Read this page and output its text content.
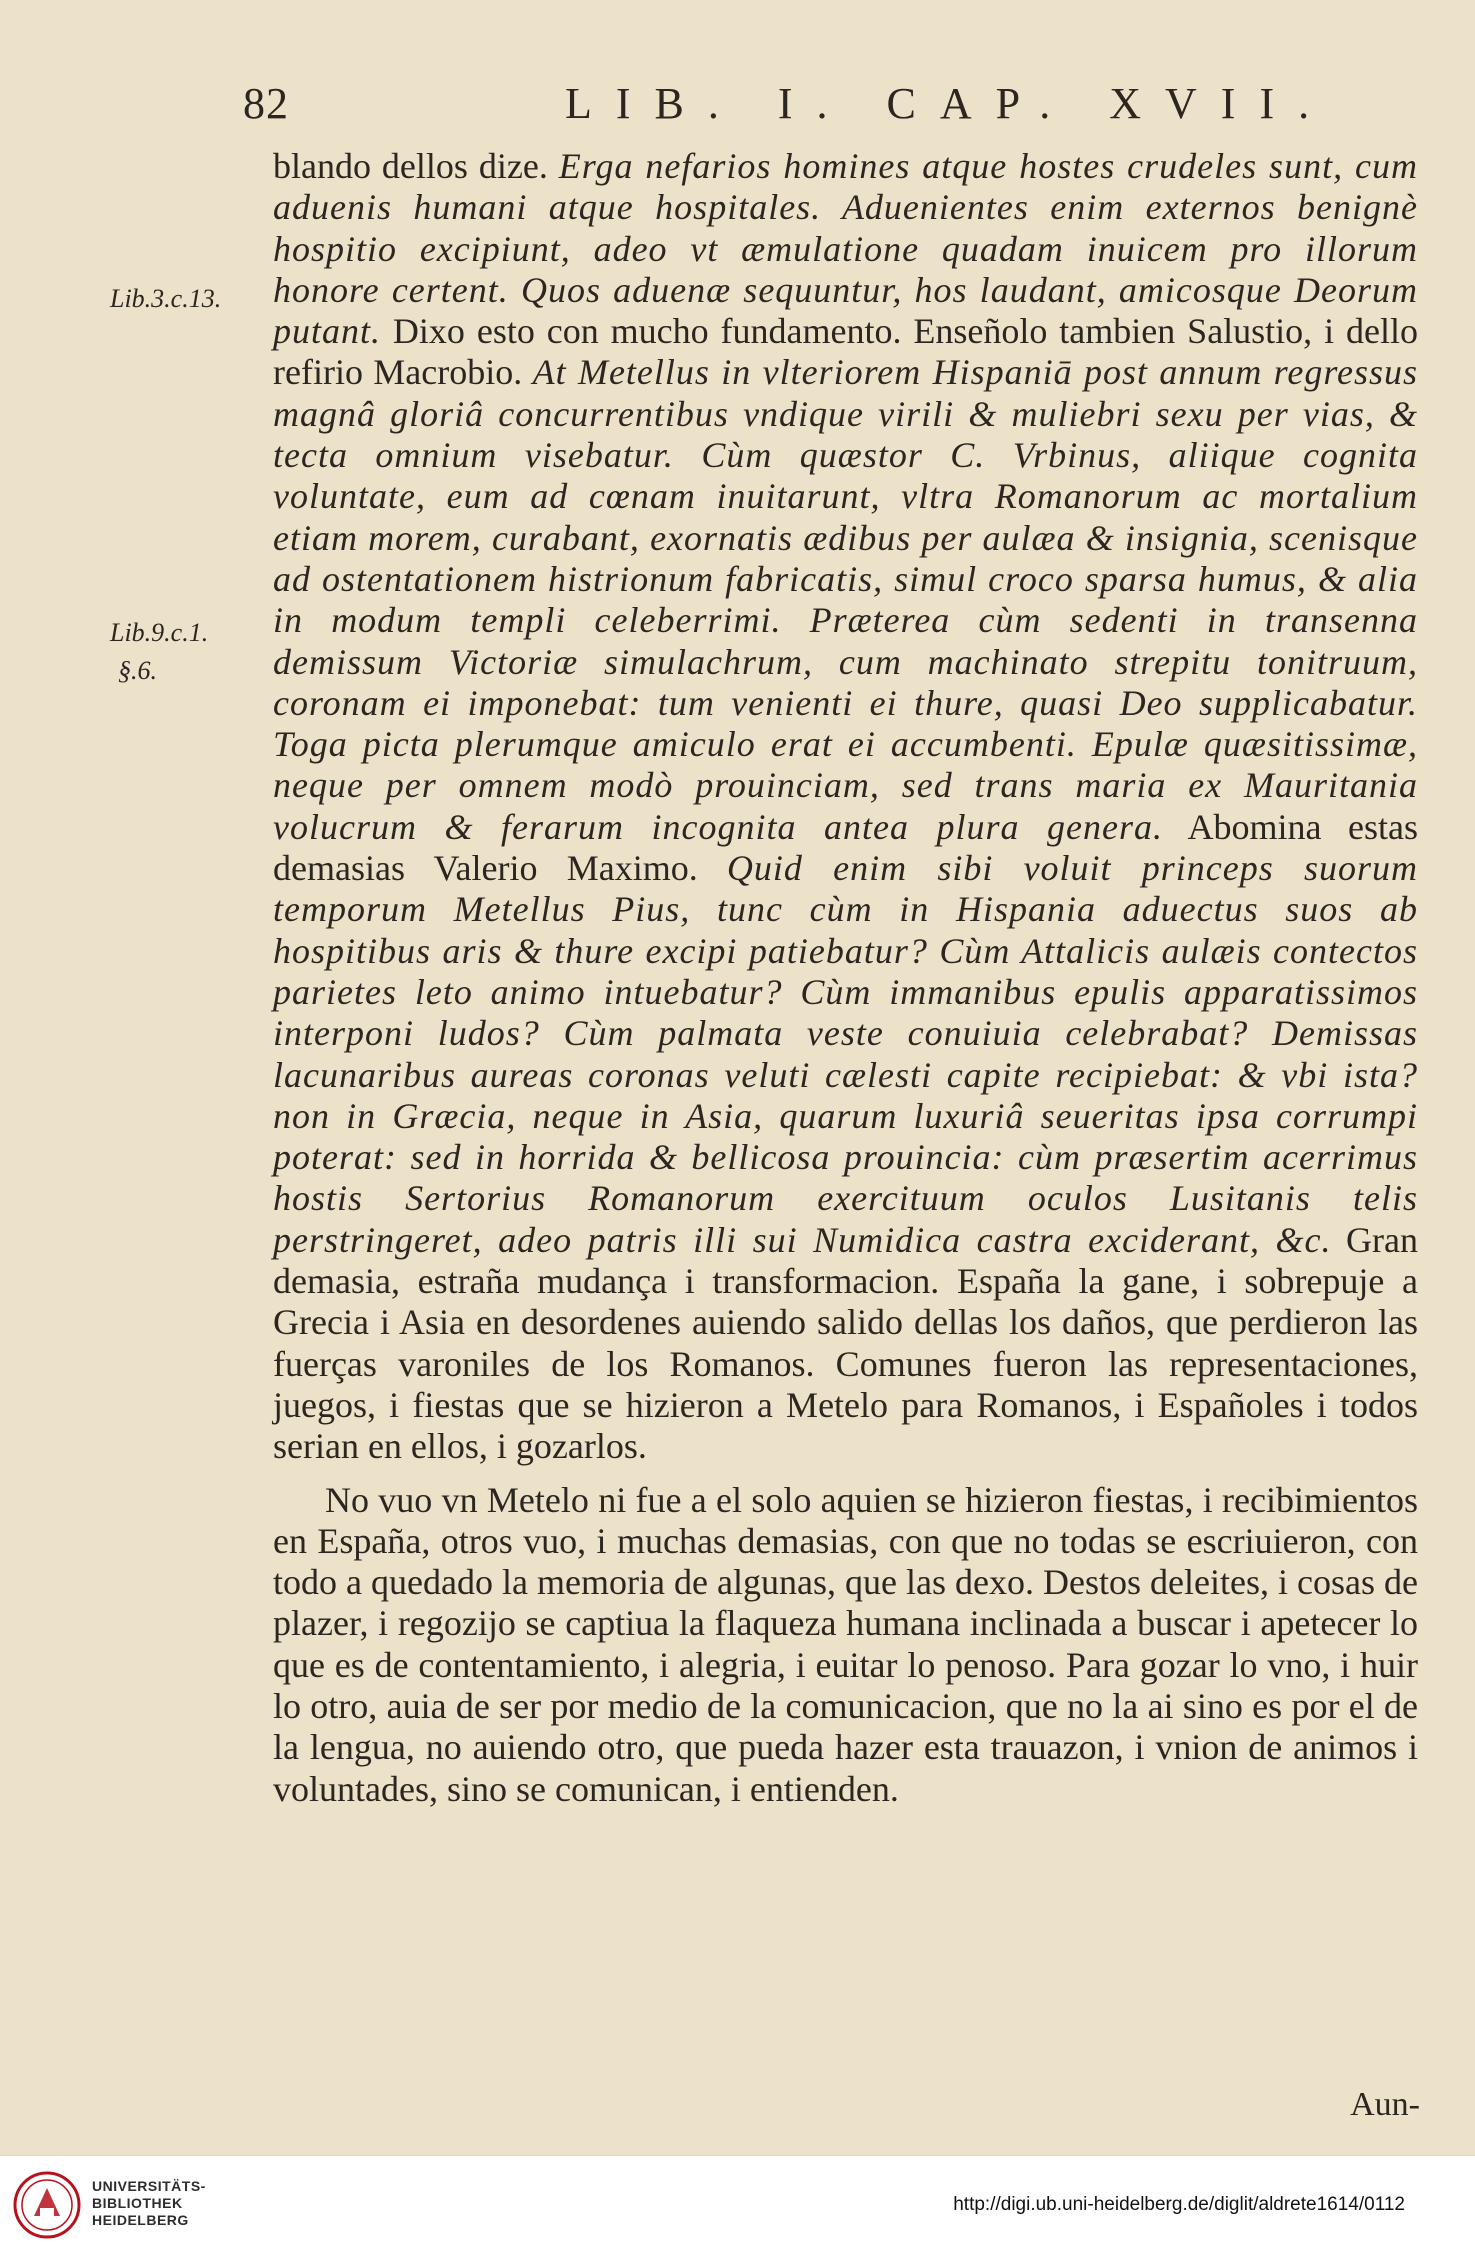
82	LIB. I. CAP. XVII.

blando dellos dize. Erga nefarios homines atque hostes crudeles sunt, cum aduenis humani atque hospitales. Aduenientes enim externos benignè hospitio excipiunt, adeo vt æmulatione quadam inuicem pro illorum honore certent. Quos aduenæ sequuntur, hos laudant, amicosque Deorum putant. Dixo esto con mucho fundamento. Enseñolo tambien Salustio, i dello refirio Macrobio. At Metellus in vlteriorem Hispaniā post annum regressus magnâ gloriâ concurrentibus vndique virili & muliebri sexu per vias, & tecta omnium visebatur. Cùm quæstor C. Vrbinus, aliique cognita voluntate, eum ad cœnam inuitarunt, vltra Romanorum ac mortalium etiam morem, curabant, exornatis ædibus per aulæa & insignia, scenisque ad ostentationem histrionum fabricatis, simul croco sparsa humus, & alia in modum templi celeberrimi. Præterea cùm sedenti in transenna demissum Victoriæ simulachrum, cum machinato strepitu tonitruum, coronam ei imponebat: tum venienti ei thure, quasi Deo supplicabatur. Toga picta plerumque amiculo erat ei accumbenti. Epulæ quæsitissimæ, neque per omnem modò prouinciam, sed trans maria ex Mauritania volucrum & ferarum incognita antea plura genera. Abomina estas demasias Valerio Maximo. Quid enim sibi voluit princeps suorum temporum Metellus Pius, tunc cùm in Hispania aduectus suos ab hospitibus aris & thure excipi patiebatur? Cùm Attalicis aulæis contectos parietes leto animo intuebatur? Cùm immanibus epulis apparatissimos interponi ludos? Cùm palmata veste conuiuia celebrabat? Demissas lacunaribus aureas coronas veluti cælesti capite recipiebat: & vbi ista? non in Græcia, neque in Asia, quarum luxuriâ seueritas ipsa corrumpi poterat: sed in horrida & bellicosa prouincia: cùm præsertim acerrimus hostis Sertorius Romanorum exercituum oculos Lusitanis telis perstringeret, adeo patris illi sui Numidica castra exciderant, &c. Gran demasia, estraña mudança i transformacion. España la gane, i sobrepuje a Grecia i Asia en desordenes auiendo salido dellas los daños, que perdieron las fuerças varoniles de los Romanos. Comunes fueron las representaciones, juegos, i fiestas que se hizieron a Metelo para Romanos, i Españoles i todos serian en ellos, i gozarlos.

No vuo vn Metelo ni fue a el solo aquien se hizieron fiestas, i recibimientos en España, otros vuo, i muchas demasias, con que no todas se escriuieron, con todo a quedado la memoria de algunas, que las dexo. Destos deleites, i cosas de plazer, i regozijo se captiua la flaqueza humana inclinada a buscar i apetecer lo que es de contentamiento, i alegria, i euitar lo penoso. Para gozar lo vno, i huir lo otro, auia de ser por medio de la comunicacion, que no la ai sino es por el de la lengua, no auiendo otro, que pueda hazer esta trauazon, i vnion de animos i voluntades, sino se comunican, i entienden.

Aun-
Lib.3.c.13.
Lib.9.c.1.
§.6.
UNIVERSITÄTS-
BIBLIOTHEK
HEIDELBERG
http://digi.ub.uni-heidelberg.de/diglit/aldrete1614/0112
